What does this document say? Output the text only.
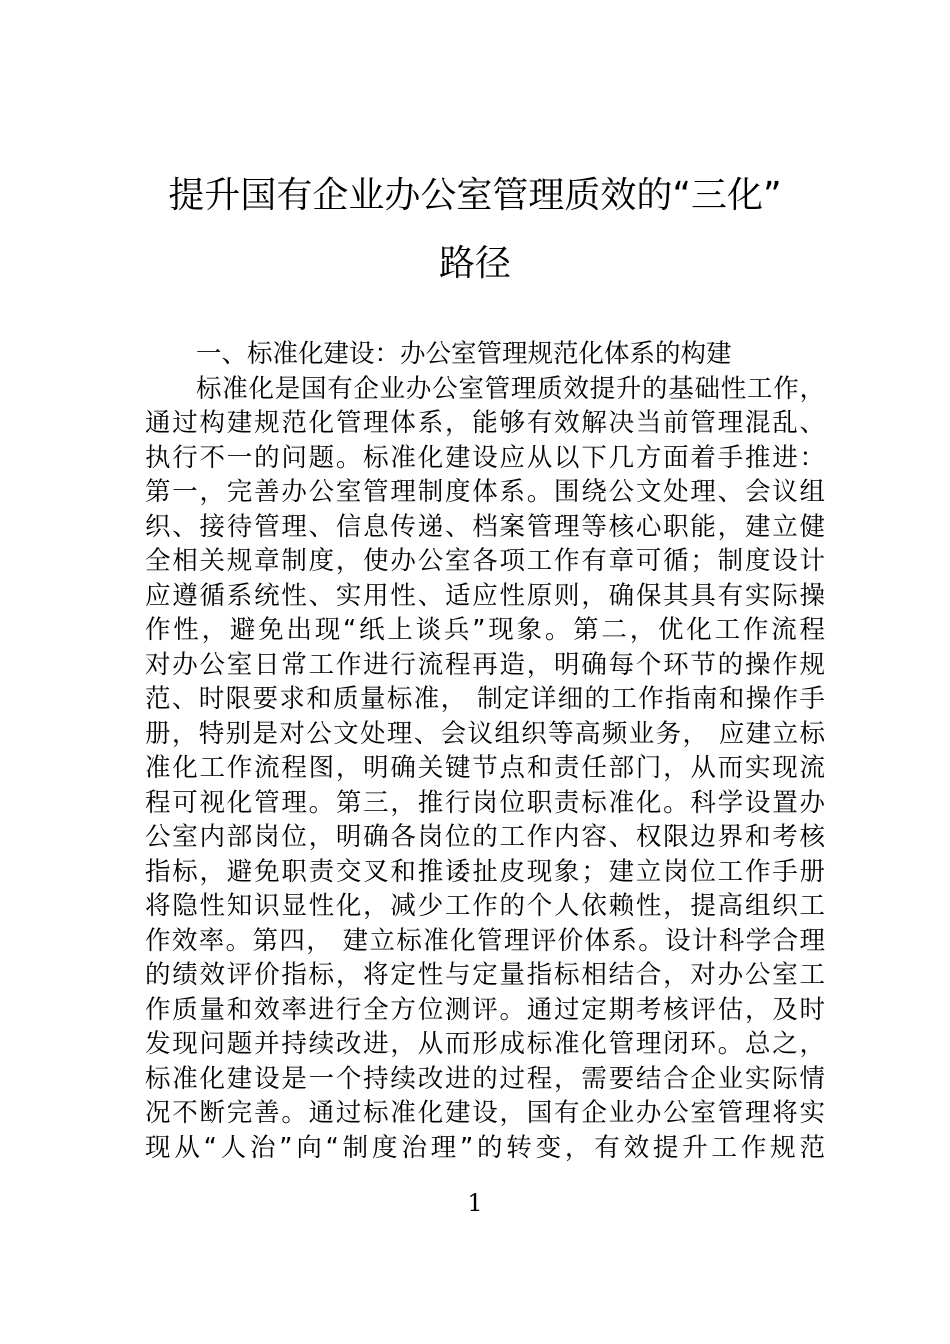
提升国有企业办公室管理质效的“三化”
路径
一、标准化建设：办公室管理规范化体系的构建
标准化是国有企业办公室管理质效提升的基础性工作，
通过构建规范化管理体系，能够有效解决当前管理混乱、
执行不一的问题。标准化建设应从以下几方面着手推进：
第一，完善办公室管理制度体系。围绕公文处理、会议组
织、接待管理、信息传递、档案管理等核心职能，建立健
全相关规章制度，使办公室各项工作有章可循；制度设计
应遵循系统性、实用性、适应性原则，确保其具有实际操
作性，避免出现“纸上谈兵”现象。第二，优化工作流程
对办公室日常工作进行流程再造，明确每个环节的操作规
范、时限要求和质量标准， 制定详细的工作指南和操作手
册，特别是对公文处理、会议组织等高频业务， 应建立标
准化工作流程图，明确关键节点和责任部门，从而实现流
程可视化管理。第三，推行岗位职责标准化。科学设置办
公室内部岗位，明确各岗位的工作内容、权限边界和考核
指标，避免职责交叉和推诿扯皮现象；建立岗位工作手册
将隐性知识显性化，减少工作的个人依赖性，提高组织工
作效率。第四， 建立标准化管理评价体系。设计科学合理
的绩效评价指标，将定性与定量指标相结合，对办公室工
作质量和效率进行全方位测评。通过定期考核评估，及时
发现问题并持续改进，从而形成标准化管理闭环。总之，
标准化建设是一个持续改进的过程，需要结合企业实际情
况不断完善。通过标准化建设，国有企业办公室管理将实
现从“人治”向“制度治理”的转变，有效提升工作规范
1
